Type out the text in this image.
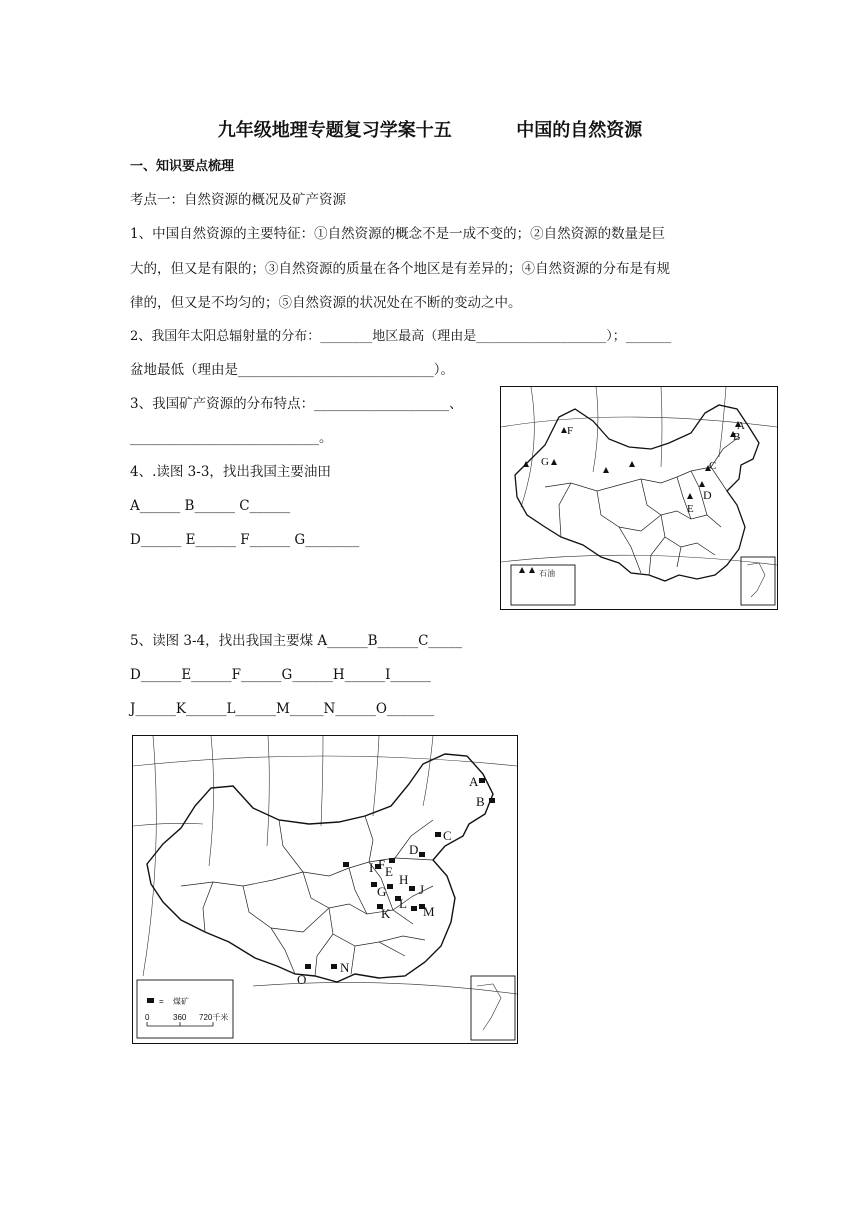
九年级地理专题复习学案十五	中国的自然资源
一、知识要点梳理
考点一：自然资源的概况及矿产资源
1、中国自然资源的主要特征：①自然资源的概念不是一成不变的；②自然资源的数量是巨
大的，但又是有限的；③自然资源的质量在各个地区是有差异的；④自然资源的分布是有规
律的，但又是不均匀的；⑤自然资源的状况处在不断的变动之中。
2、我国年太阳总辐射量的分布：________地区最高（理由是____________________）；_______
盆地最低（理由是_____________________________）。
3、我国矿产资源的分布特点：____________________、
____________________________。
4、.读图 3-3，找出我国主要油田
A______ B______ C______
D______ E______ F______ G________
石油
A
B
C
D
E
F
G
5、读图 3-4，找出我国主要煤 A______B______C_____
D______E______F______G______H______I______
J______K______L______M_____N______O_______
= 煤矿
0	360 720千米
A
B
C
D
E
F
G
H
I
J
K
L
M
N
O
